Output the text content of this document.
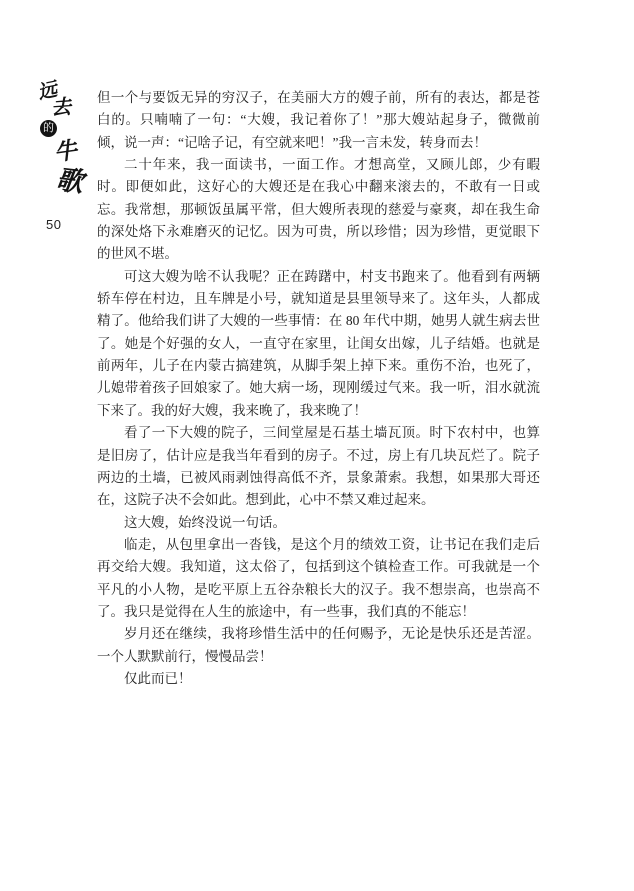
远
去
的
牛
歌
50

但一个与要饭无异的穷汉子，在美丽大方的嫂子前，所有的表达，都是苍白的。只喃喃了一句：“大嫂，我记着你了！”那大嫂站起身子，微微前倾，说一声：“记啥子记，有空就来吧！”我一言未发，转身而去！

二十年来，我一面读书，一面工作。才想高堂，又顾儿郎，少有暇时。即便如此，这好心的大嫂还是在我心中翻来滚去的，不敢有一日或忘。我常想，那顿饭虽属平常，但大嫂所表现的慈爱与豪爽，却在我生命的深处烙下永难磨灭的记忆。因为可贵，所以珍惜；因为珍惜，更觉眼下的世风不堪。

可这大嫂为啥不认我呢？正在踌躇中，村支书跑来了。他看到有两辆轿车停在村边，且车牌是小号，就知道是县里领导来了。这年头，人都成精了。他给我们讲了大嫂的一些事情：在 80 年代中期，她男人就生病去世了。她是个好强的女人，一直守在家里，让闺女出嫁，儿子结婚。也就是前两年，儿子在内蒙古搞建筑，从脚手架上掉下来。重伤不治，也死了，儿媳带着孩子回娘家了。她大病一场，现刚缓过气来。我一听，泪水就流下来了。我的好大嫂，我来晚了，我来晚了！

看了一下大嫂的院子，三间堂屋是石基土墙瓦顶。时下农村中，也算是旧房了，估计应是我当年看到的房子。不过，房上有几块瓦烂了。院子两边的土墙，已被风雨剥蚀得高低不齐，景象萧索。我想，如果那大哥还在，这院子决不会如此。想到此，心中不禁又难过起来。

这大嫂，始终没说一句话。

临走，从包里拿出一沓钱，是这个月的绩效工资，让书记在我们走后再交给大嫂。我知道，这太俗了，包括到这个镇检查工作。可我就是一个平凡的小人物，是吃平原上五谷杂粮长大的汉子。我不想崇高，也崇高不了。我只是觉得在人生的旅途中，有一些事，我们真的不能忘！

岁月还在继续，我将珍惜生活中的任何赐予，无论是快乐还是苦涩。一个人默默前行，慢慢品尝！

仅此而已！
